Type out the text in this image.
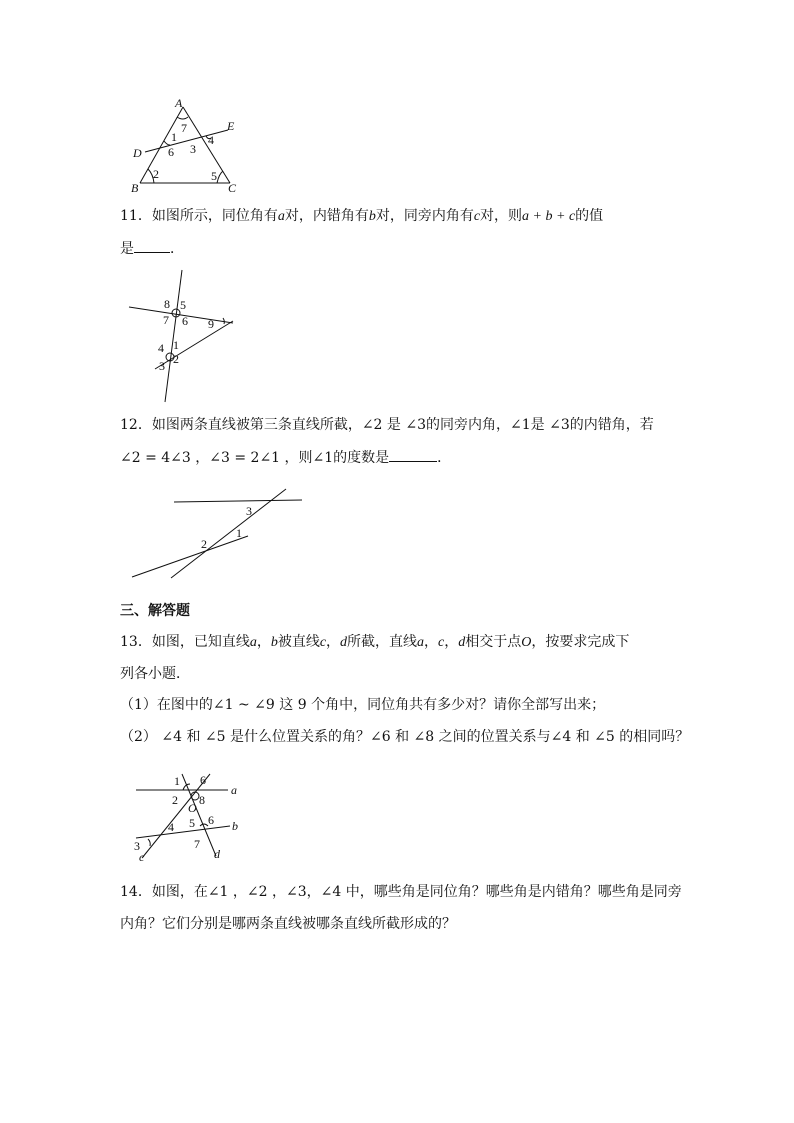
A
B	C
D
E
1
2
3
4
5
6
7
11．如图所示，同位角有a对，内错角有b对，同旁内角有c对，则a + b + c的值
是	．
8 5
7 6 9
1
4
2
3
12．如图两条直线被第三条直线所截，∠2 是 ∠3的同旁内角，∠1是 ∠3的内错角，若
∠2 = 4∠3 ，∠3 = 2∠1 ，则∠1的度数是	．
3
1
2
三、解答题
13．如图，已知直线a，b被直线c，d所截，直线a，c，d相交于点O，按要求完成下
列各小题．
（1）在图中的∠1 ~ ∠9 这 9 个角中，同位角共有多少对？请你全部写出来；
（2） ∠4 和 ∠5 是什么位置关系的角？∠6 和 ∠8 之间的位置关系与∠4 和 ∠5 的相同吗？
1 6
2
O
8
a
5 6
4	b
3	7
c	d
14．如图，在∠1 ，∠2 ，∠3，∠4 中，哪些角是同位角？哪些角是内错角？哪些角是同旁
内角？它们分别是哪两条直线被哪条直线所截形成的？
